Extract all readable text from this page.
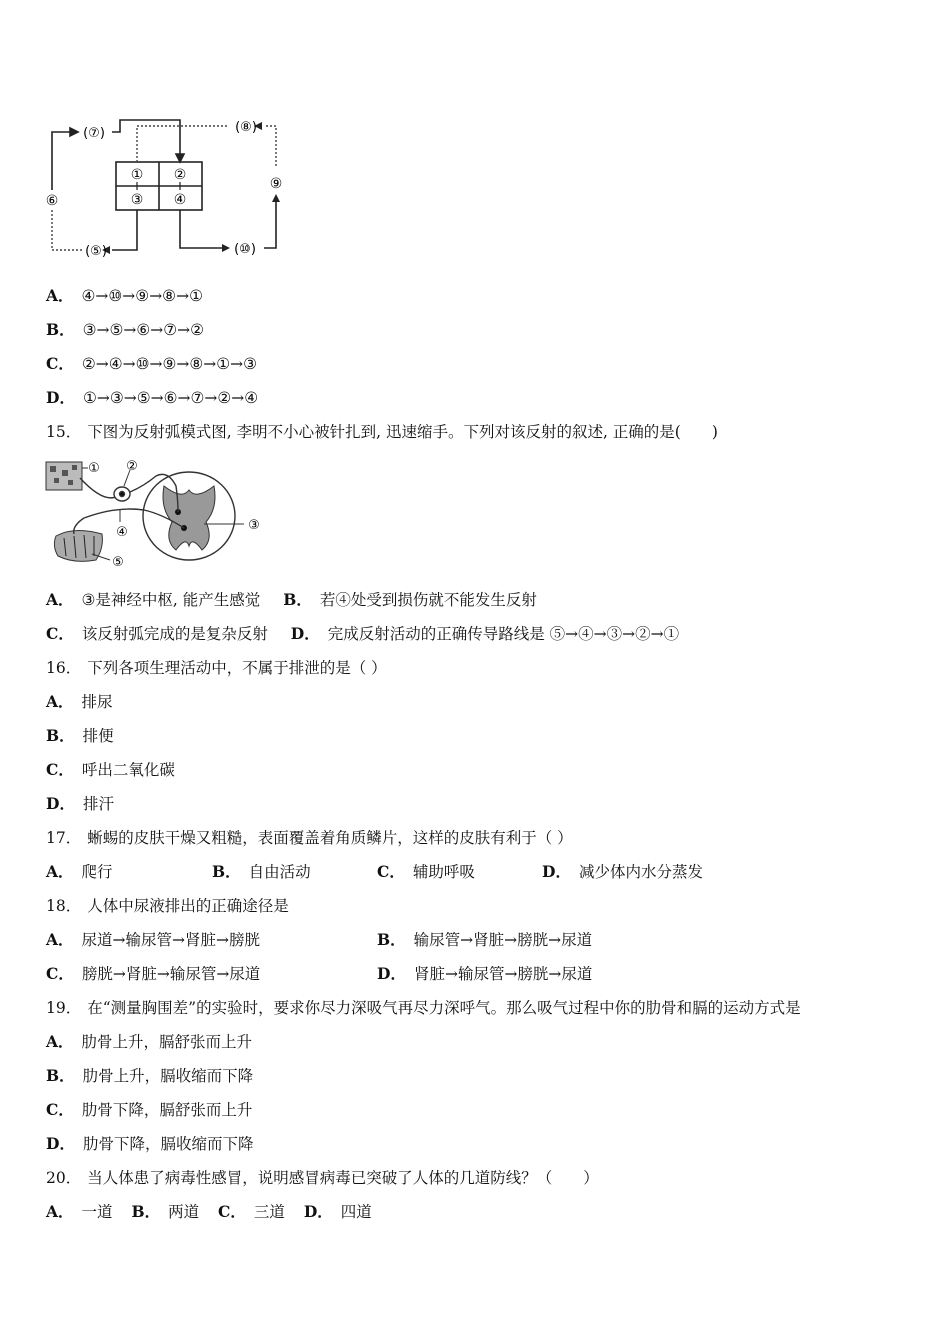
① ②
③ ④
(⑦)	(⑧)
⑥
⑨
(⑤)	(⑩)
A． ④→⑩→⑨→⑧→①
B． ③→⑤→⑥→⑦→②
C． ②→④→⑩→⑨→⑧→①→③
D． ①→③→⑤→⑥→⑦→②→④
15． 下图为反射弧模式图, 李明不小心被针扎到, 迅速缩手。下列对该反射的叙述, 正确的是(　　)
① ②
③
④
⑤
A． ③是神经中枢, 能产生感觉 B． 若④处受到损伤就不能发生反射
C． 该反射弧完成的是复杂反射 D． 完成反射活动的正确传导路线是 ⑤→④→③→②→①
16． 下列各项生理活动中，不属于排泄的是（ ）
A． 排尿
B． 排便
C． 呼出二氧化碳
D． 排汗
17． 蜥蜴的皮肤干燥又粗糙，表面覆盖着角质鳞片，这样的皮肤有利于（ ）
A． 爬行	B． 自由活动	C． 辅助呼吸	D． 减少体内水分蒸发
18． 人体中尿液排出的正确途径是
A． 尿道→输尿管→肾脏→膀胱	B． 输尿管→肾脏→膀胱→尿道
C． 膀胱→肾脏→输尿管→尿道	D． 肾脏→输尿管→膀胱→尿道
19． 在“测量胸围差”的实验时，要求你尽力深吸气再尽力深呼气。那么吸气过程中你的肋骨和膈的运动方式是
A． 肋骨上升，膈舒张而上升
B． 肋骨上升，膈收缩而下降
C． 肋骨下降，膈舒张而上升
D． 肋骨下降，膈收缩而下降
20． 当人体患了病毒性感冒，说明感冒病毒已突破了人体的几道防线？（　　）
A． 一道 B． 两道 C． 三道 D． 四道
